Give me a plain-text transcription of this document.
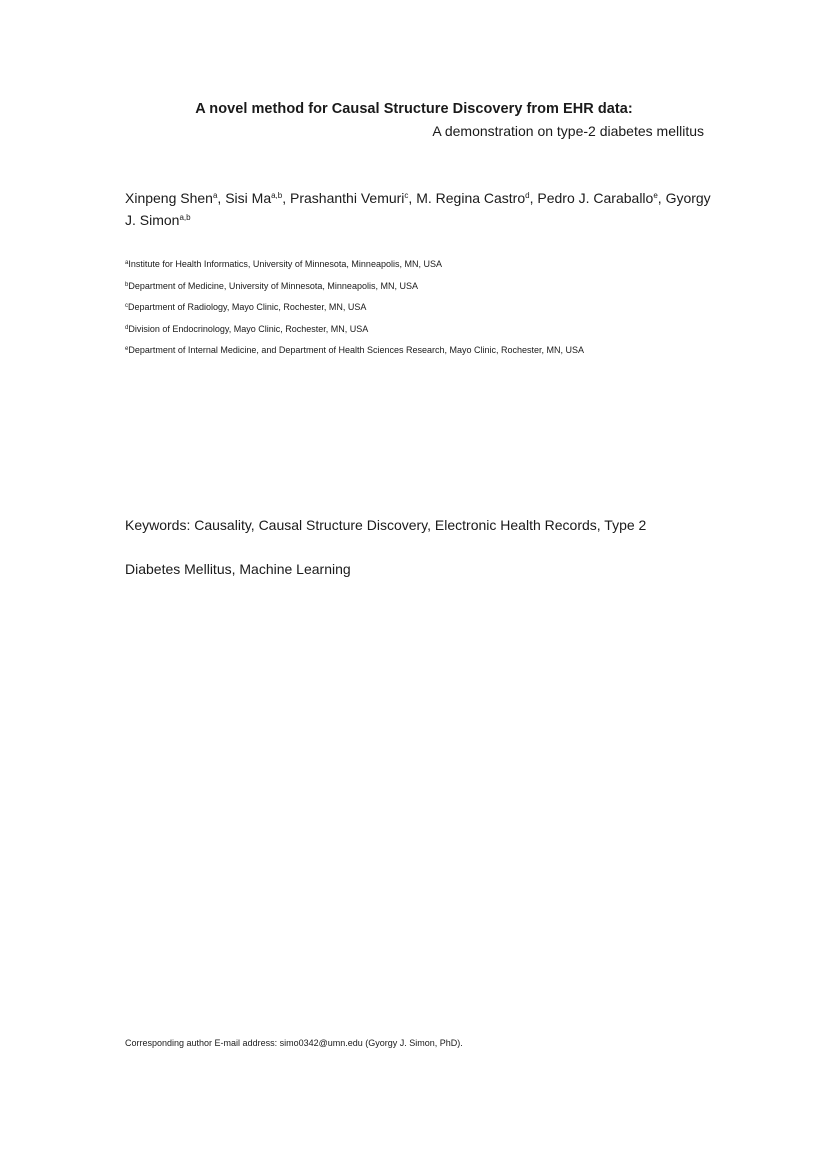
A novel method for Causal Structure Discovery from EHR data:

A demonstration on type-2 diabetes mellitus

Xinpeng Shen$^a$, Sisi Ma$^{a,b}$, Prashanthi Vemuri$^c$, M. Regina Castro$^d$, Pedro J. Caraballo$^e$, Gyorgy J. Simon$^{a,b}$
$^a$Institute for Health Informatics, University of Minnesota, Minneapolis, MN, USA
$^b$Department of Medicine, University of Minnesota, Minneapolis, MN, USA
$^c$Department of Radiology, Mayo Clinic, Rochester, MN, USA
$^d$Division of Endocrinology, Mayo Clinic, Rochester, MN, USA
$^e$Department of Internal Medicine, and Department of Health Sciences Research, Mayo Clinic, Rochester, MN, USA

Keywords: Causality, Causal Structure Discovery, Electronic Health Records, Type 2 Diabetes Mellitus, Machine Learning

Corresponding author E-mail address: simo0342@umn.edu (Gyorgy J. Simon, PhD).
